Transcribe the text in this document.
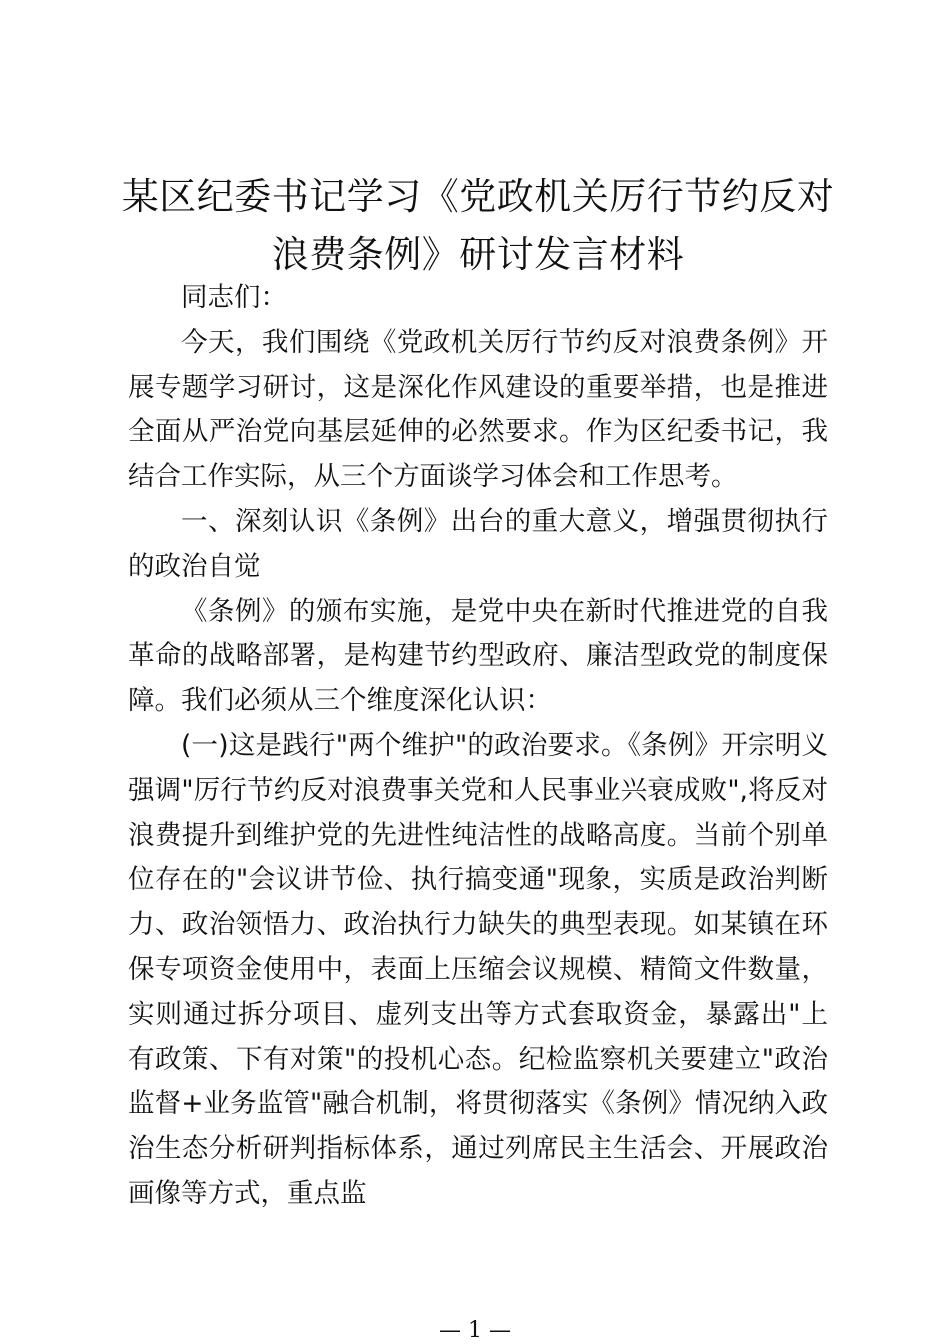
某区纪委书记学习《党政机关厉行节约反对浪费条例》研讨发言材料

同志们：

今天，我们围绕《党政机关厉行节约反对浪费条例》开展专题学习研讨，这是深化作风建设的重要举措，也是推进全面从严治党向基层延伸的必然要求。作为区纪委书记，我结合工作实际，从三个方面谈学习体会和工作思考。

一、深刻认识《条例》出台的重大意义，增强贯彻执行的政治自觉

《条例》的颁布实施，是党中央在新时代推进党的自我革命的战略部署，是构建节约型政府、廉洁型政党的制度保障。我们必须从三个维度深化认识：

(一)这是践行"两个维护"的政治要求。《条例》开宗明义强调"厉行节约反对浪费事关党和人民事业兴衰成败",将反对浪费提升到维护党的先进性纯洁性的战略高度。当前个别单位存在的"会议讲节俭、执行搞变通"现象，实质是政治判断力、政治领悟力、政治执行力缺失的典型表现。如某镇在环保专项资金使用中，表面上压缩会议规模、精简文件数量，实则通过拆分项目、虚列支出等方式套取资金，暴露出"上有政策、下有对策"的投机心态。纪检监察机关要建立"政治监督+业务监管"融合机制，将贯彻落实《条例》情况纳入政治生态分析研判指标体系，通过列席民主生活会、开展政治画像等方式，重点监

— 1 —
